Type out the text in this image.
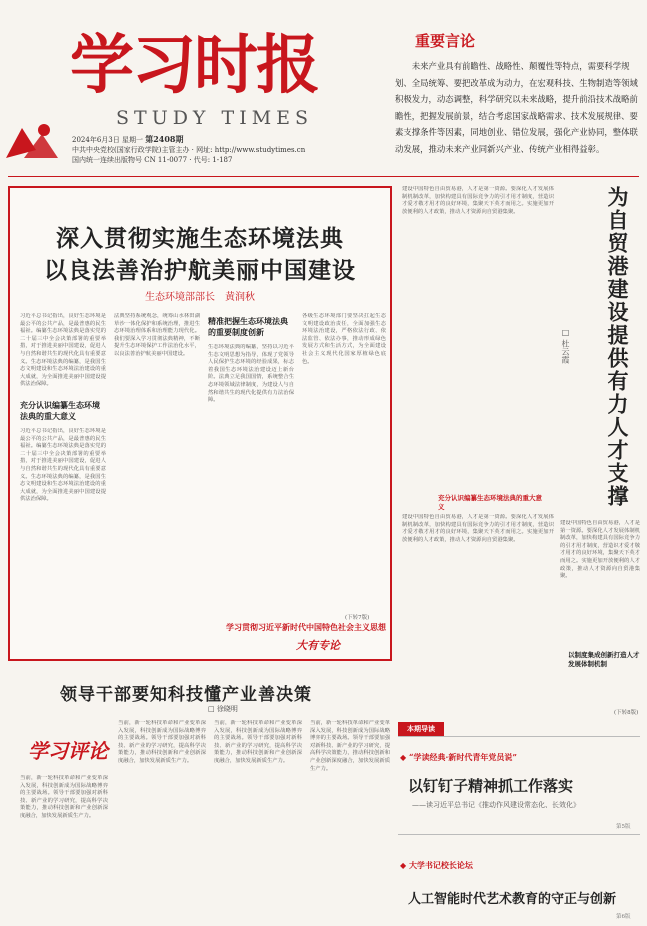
学习时报
STUDY TIMES
2024年6月3日 星期一 第2408期
中共中央党校(国家行政学院)主管主办 · 网址: http://www.studytimes.cn
国内统一连续出版物号 CN 11-0077 · 代号: 1-187
重要言论
未来产业具有前瞻性、战略性、颠覆性等特点，需要科学规划、全局统筹、要把改革成为动力，在宏观科技、生物制造等领域积极发力，动态调整，科学研究以未来战略，提升前沿技术战略前瞻性，把握发展前景，结合考虑国家战略需求、技术发展规律、要素支撑条件等因素，同地创业、错位发展，强化产业协同，整体联动发展，推动未来产业同新兴产业、传统产业相得益彰。
深入贯彻实施生态环境法典
以良法善治护航美丽中国建设
生态环境部部长　黄润秋
习近平总书记指出，良好生态环境是最公平的公共产品，是最普惠的民生福祉。编纂生态环境法典是落实党的二十届三中全会决策部署的重要举措，对于推进美丽中国建设，促进人与自然和谐共生的现代化具有重要意义。生态环境法典的编纂，是我国生态文明建设和生态环境法治建设的重大成就，为全面推进美丽中国建设提供法治保障。
充分认识编纂生态环境法典的重大意义
习近平总书记指出，良好生态环境是最公平的公共产品，是最普惠的民生福祉。编纂生态环境法典是落实党的二十届三中全会决策部署的重要举措，对于推进美丽中国建设，促进人与自然和谐共生的现代化具有重要意义。生态环境法典的编纂，是我国生态文明建设和生态环境法治建设的重大成就，为全面推进美丽中国建设提供法治保障。
法典坚持系统观念，统筹山水林田湖草沙一体化保护和系统治理，推进生态环境治理体系和治理能力现代化。我们要深入学习贯彻法典精神，不断提升生态环境保护工作法治化水平，以良法善治护航美丽中国建设。
精准把握生态环境法典的重要制度创新
生态环境法典的编纂，坚持以习近平生态文明思想为指导，体现了党领导人民保护生态环境的经验成果，标志着我国生态环境法治建设迈上新台阶。法典立足我国国情，系统整合生态环境领域法律制度，为建设人与自然和谐共生的现代化提供有力法治保障。
各级生态环境部门要坚决扛起生态文明建设政治责任，全面加强生态环境法治建设，严格依法行政、依法监管、依法办事，推动形成绿色发展方式和生活方式，为全面建设社会主义现代化国家厚植绿色底色。
(下转7版)
学习贯彻习近平新时代中国特色社会主义思想
大有专论
建设中国特色自由贸易港，人才是第一资源。要深化人才发展体制机制改革，加快构建具有国际竞争力的引才用才制度，营造识才爱才敬才用才的良好环境，集聚天下英才而用之。实施更加开放便利的人才政策，推动人才资源向自贸港集聚。	为自贸港建设提供有力人才支撑
□ 杜云霞
充分认识编纂生态环境法典的重大意义
建设中国特色自由贸易港，人才是第一资源。要深化人才发展体制机制改革，加快构建具有国际竞争力的引才用才制度，营造识才爱才敬才用才的良好环境，集聚天下英才而用之。实施更加开放便利的人才政策，推动人才资源向自贸港集聚。
建设中国特色自由贸易港，人才是第一资源。要深化人才发展体制机制改革，加快构建具有国际竞争力的引才用才制度，营造识才爱才敬才用才的良好环境，集聚天下英才而用之。实施更加开放便利的人才政策，推动人才资源向自贸港集聚。
以制度集成创新打造人才发展体制机制
(下转8版)
领导干部要知科技懂产业善决策
□ 徐晓明
学习评论
当前，新一轮科技革命和产业变革深入发展，科技创新成为国际战略博弈的主要战场。领导干部要加强对新科技、新产业的学习研究，提高科学决策能力，推动科技创新和产业创新深度融合，加快发展新质生产力。
当前，新一轮科技革命和产业变革深入发展，科技创新成为国际战略博弈的主要战场。领导干部要加强对新科技、新产业的学习研究，提高科学决策能力，推动科技创新和产业创新深度融合，加快发展新质生产力。
当前，新一轮科技革命和产业变革深入发展，科技创新成为国际战略博弈的主要战场。领导干部要加强对新科技、新产业的学习研究，提高科学决策能力，推动科技创新和产业创新深度融合，加快发展新质生产力。
当前，新一轮科技革命和产业变革深入发展，科技创新成为国际战略博弈的主要战场。领导干部要加强对新科技、新产业的学习研究，提高科学决策能力，推动科技创新和产业创新深度融合，加快发展新质生产力。
本期导读
◆ “学读经典·新时代青年党员说”
以钉钉子精神抓工作落实
——读习近平总书记《推动作风建设常态化、长效化》
第5版
◆ 大学书记校长论坛
人工智能时代艺术教育的守正与创新
第6版
